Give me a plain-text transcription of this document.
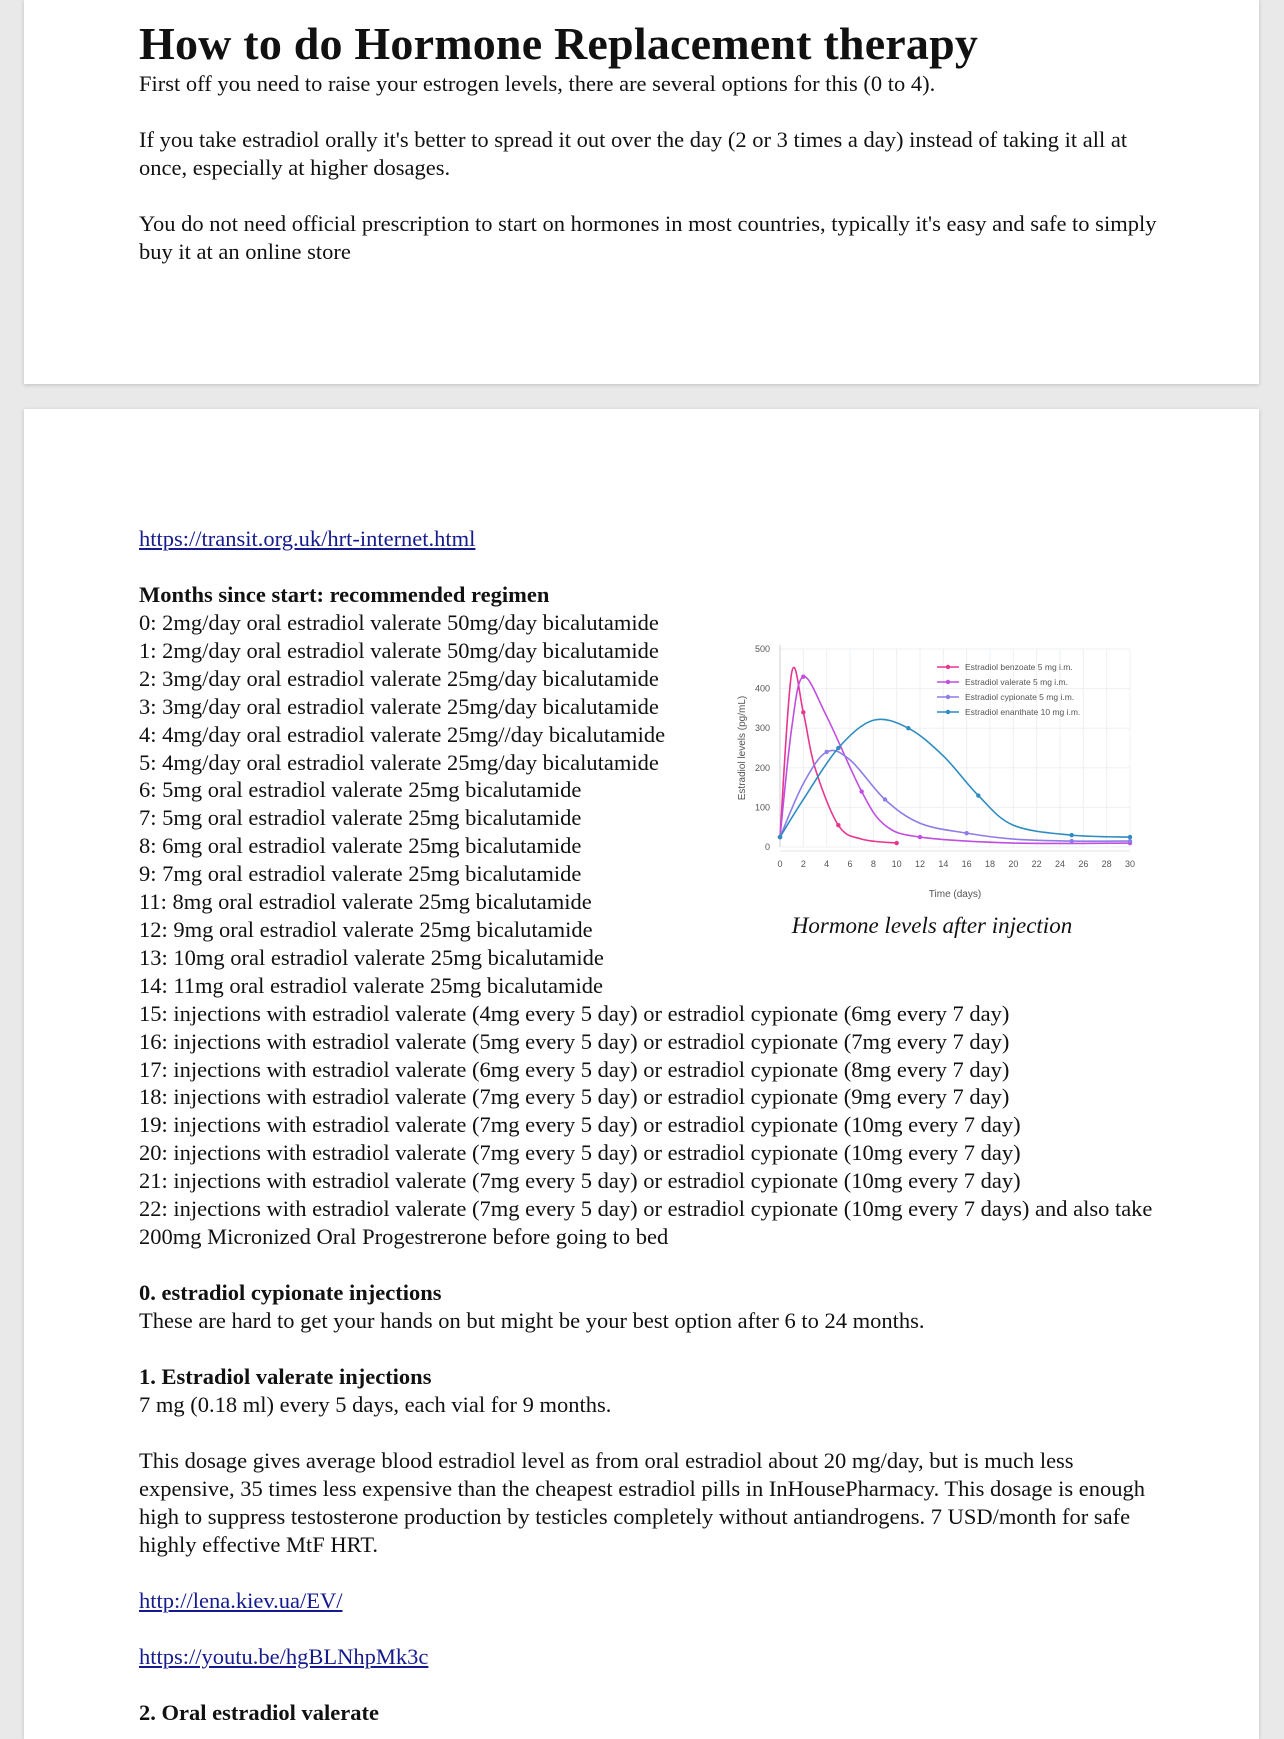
How to do Hormone Replacement therapy

First off you need to raise your estrogen levels, there are several options for this (0 to 4).

If you take estradiol orally it's better to spread it out over the day (2 or 3 times a day) instead of taking it all at once, especially at higher dosages.

You do not need official prescription to start on hormones in most countries, typically it's easy and safe to simply buy it at an online store

https://transit.org.uk/hrt-internet.html

Months since start: recommended regimen

0: 2mg/day oral estradiol valerate 50mg/day bicalutamide
1: 2mg/day oral estradiol valerate 50mg/day bicalutamide
2: 3mg/day oral estradiol valerate 25mg/day bicalutamide
3: 3mg/day oral estradiol valerate 25mg/day bicalutamide
4: 4mg/day oral estradiol valerate 25mg//day bicalutamide
5: 4mg/day oral estradiol valerate 25mg/day bicalutamide
6: 5mg oral estradiol valerate 25mg bicalutamide
7: 5mg oral estradiol valerate 25mg bicalutamide
8: 6mg oral estradiol valerate 25mg bicalutamide
9: 7mg oral estradiol valerate 25mg bicalutamide
11: 8mg oral estradiol valerate 25mg bicalutamide
12: 9mg oral estradiol valerate 25mg bicalutamide
13: 10mg oral estradiol valerate 25mg bicalutamide
14: 11mg oral estradiol valerate 25mg bicalutamide
15: injections with estradiol valerate (4mg every 5 day) or estradiol cypionate (6mg every 7 day)
16: injections with estradiol valerate (5mg every 5 day) or estradiol cypionate (7mg every 7 day)
17: injections with estradiol valerate (6mg every 5 day) or estradiol cypionate (8mg every 7 day)
18: injections with estradiol valerate (7mg every 5 day) or estradiol cypionate (9mg every 7 day)
19: injections with estradiol valerate (7mg every 5 day) or estradiol cypionate (10mg every 7 day)
20: injections with estradiol valerate (7mg every 5 day) or estradiol cypionate (10mg every 7 day)
21: injections with estradiol valerate (7mg every 5 day) or estradiol cypionate (10mg every 7 day)
22: injections with estradiol valerate (7mg every 5 day) or estradiol cypionate (10mg every 7 days) and also take 200mg Micronized Oral Progestrerone before going to bed

0. estradiol cypionate injections

These are hard to get your hands on but might be your best option after 6 to 24 months.

1. Estradiol valerate injections

7 mg (0.18 ml) every 5 days, each vial for 9 months.

This dosage gives average blood estradiol level as from oral estradiol about 20 mg/day, but is much less expensive, 35 times less expensive than the cheapest estradiol pills in InHousePharmacy. This dosage is enough high to suppress testosterone production by testicles completely without antiandrogens. 7 USD/month for safe highly effective MtF HRT.

http://lena.kiev.ua/EV/
https://youtu.be/hgBLNhpMk3c

2. Oral estradiol valerate

0 2 4 6 8 10 12 14 16 18 20 22 24 26 28 30
0
100
200
300
400
500
Time (days)
Estradiol levels (pg/mL)
Estradiol benzoate 5 mg i.m.
Estradiol valerate 5 mg i.m.
Estradiol cypionate 5 mg i.m.
Estradiol enanthate 10 mg i.m.
Hormone levels after injection
